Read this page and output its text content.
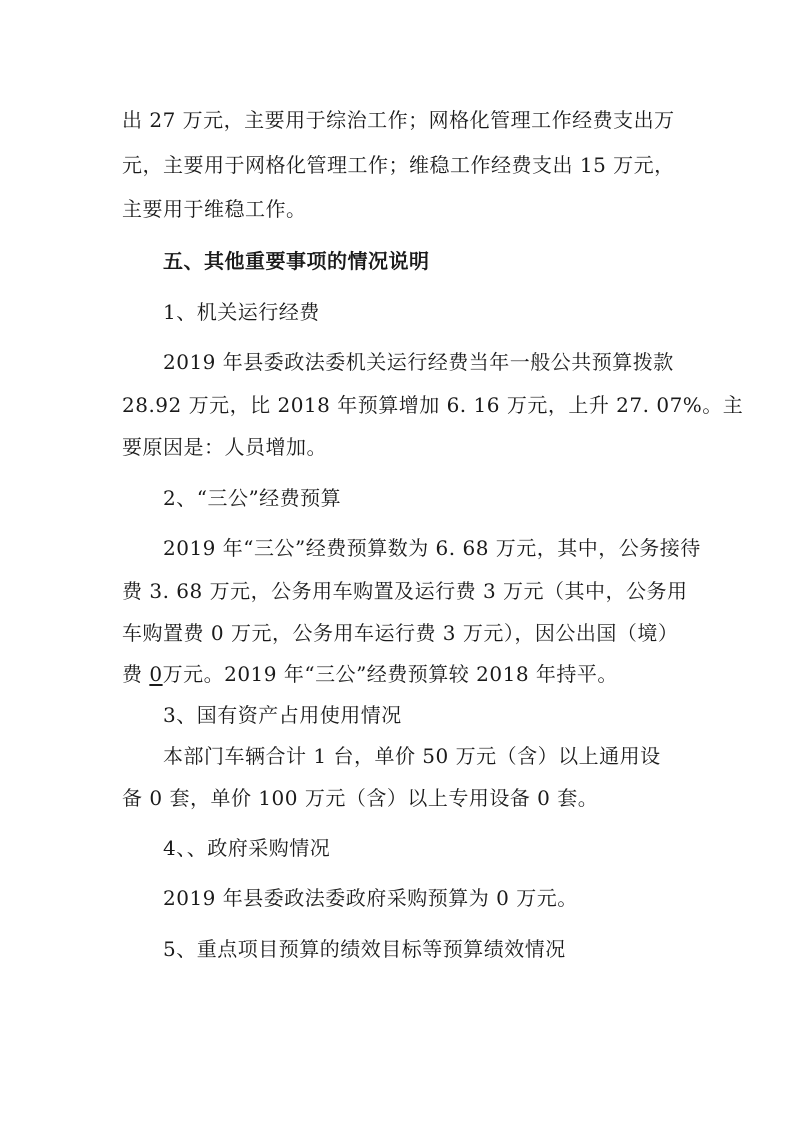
出 27 万元，主要用于综治工作；网格化管理工作经费支出万
元，主要用于网格化管理工作；维稳工作经费支出 15 万元，
主要用于维稳工作。
五、其他重要事项的情况说明
1、机关运行经费
2019 年县委政法委机关运行经费当年一般公共预算拨款
28.92 万元，比 2018 年预算增加 6. 16 万元，上升 27. 07%。主
要原因是：人员增加。
2、“三公”经费预算
2019 年“三公”经费预算数为 6. 68 万元，其中，公务接待
费 3. 68 万元，公务用车购置及运行费 3 万元（其中，公务用
车购置费 0 万元，公务用车运行费 3 万元），因公出国（境）
费 0万元。2019 年“三公”经费预算较 2018 年持平。
3、国有资产占用使用情况
本部门车辆合计 1 台，单价 50 万元（含）以上通用设
备 0 套，单价 100 万元（含）以上专用设备 0 套。
4、、政府采购情况
2019 年县委政法委政府采购预算为 0 万元。
5、重点项目预算的绩效目标等预算绩效情况
